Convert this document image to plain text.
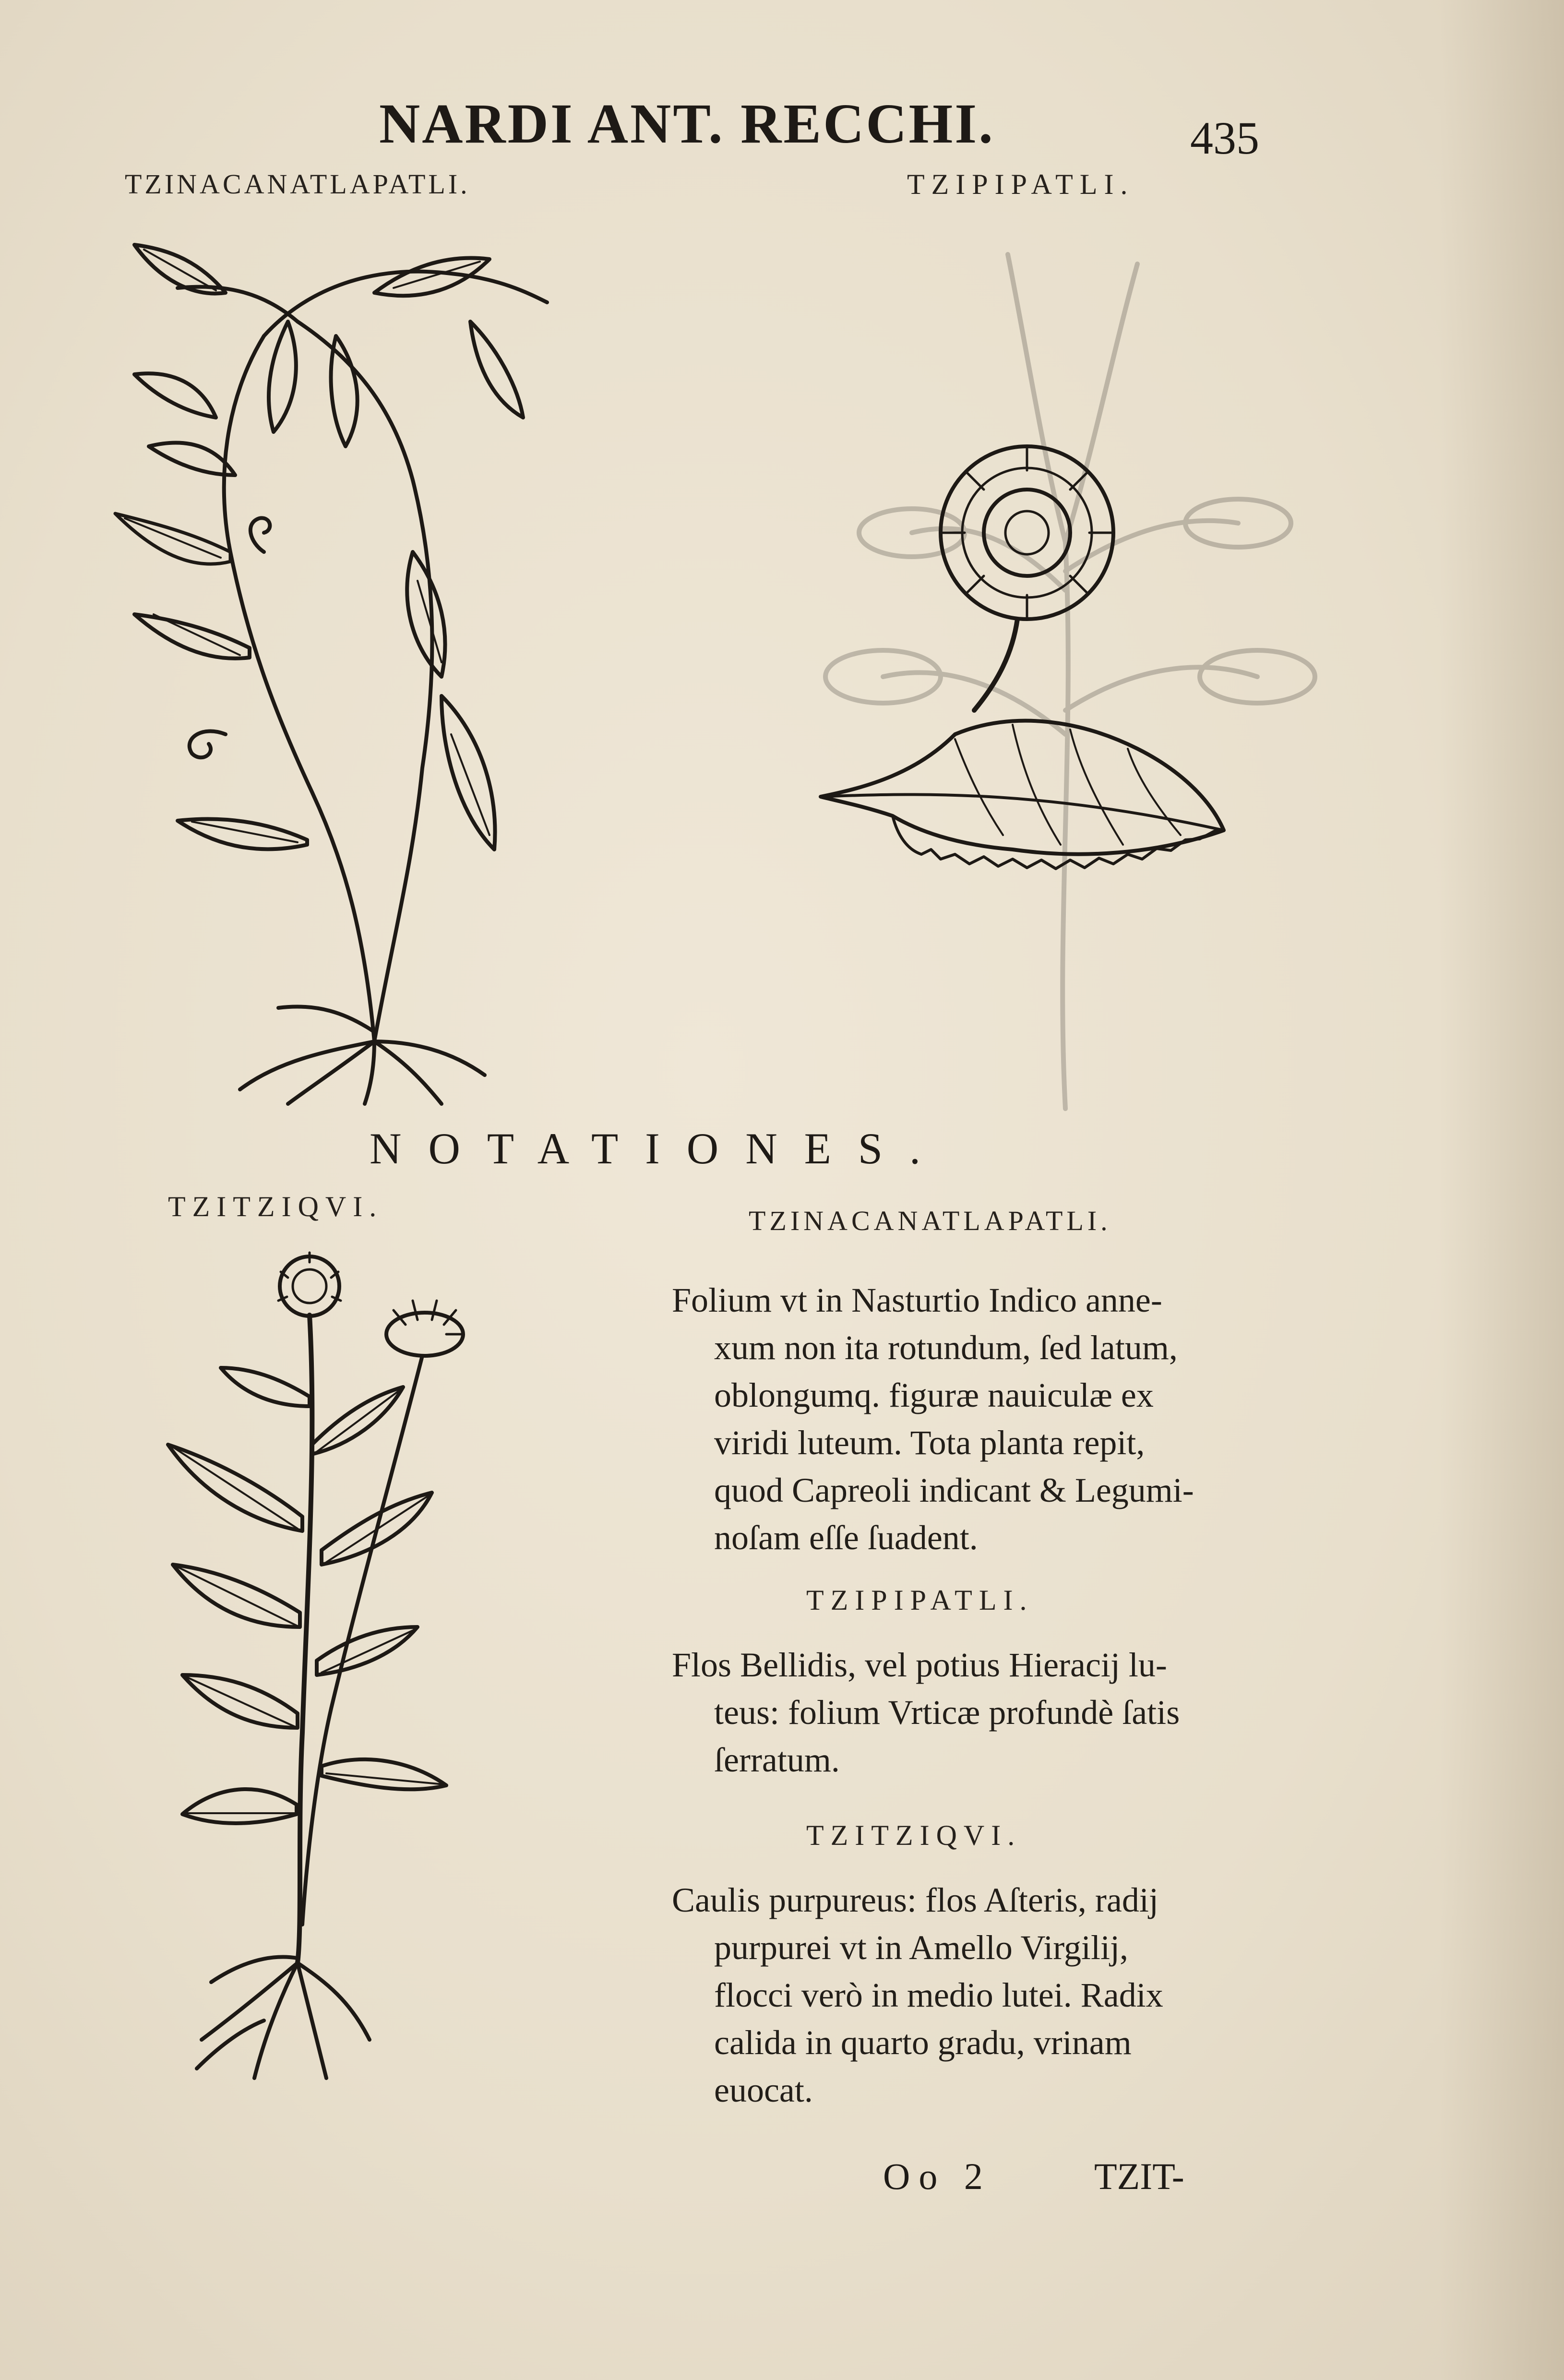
NARDI ANT. RECCHI.	435
TZINACANATLAPATLI.	TZIPIPATLI.
NOTATIONES.
TZITZIQVI.	TZINACANATLAPATLI.
Folium vt in Nasturtio Indico anne-
xum non ita rotundum, ſed latum,
oblongumq. figuræ nauiculæ ex
viridi luteum. Tota planta repit,
quod Capreoli indicant & Legumi-
noſam eſſe ſuadent.
TZIPIPATLI.
Flos Bellidis, vel potius Hieracij lu-
teus: folium Vrticæ profundè ſatis
ſerratum.
TZITZIQVI.
Caulis purpureus: flos Aſteris, radij
purpurei vt in Amello Virgilij,
flocci verò in medio lutei. Radix
calida in quarto gradu, vrinam
euocat.
Oo 2	TZIT-
